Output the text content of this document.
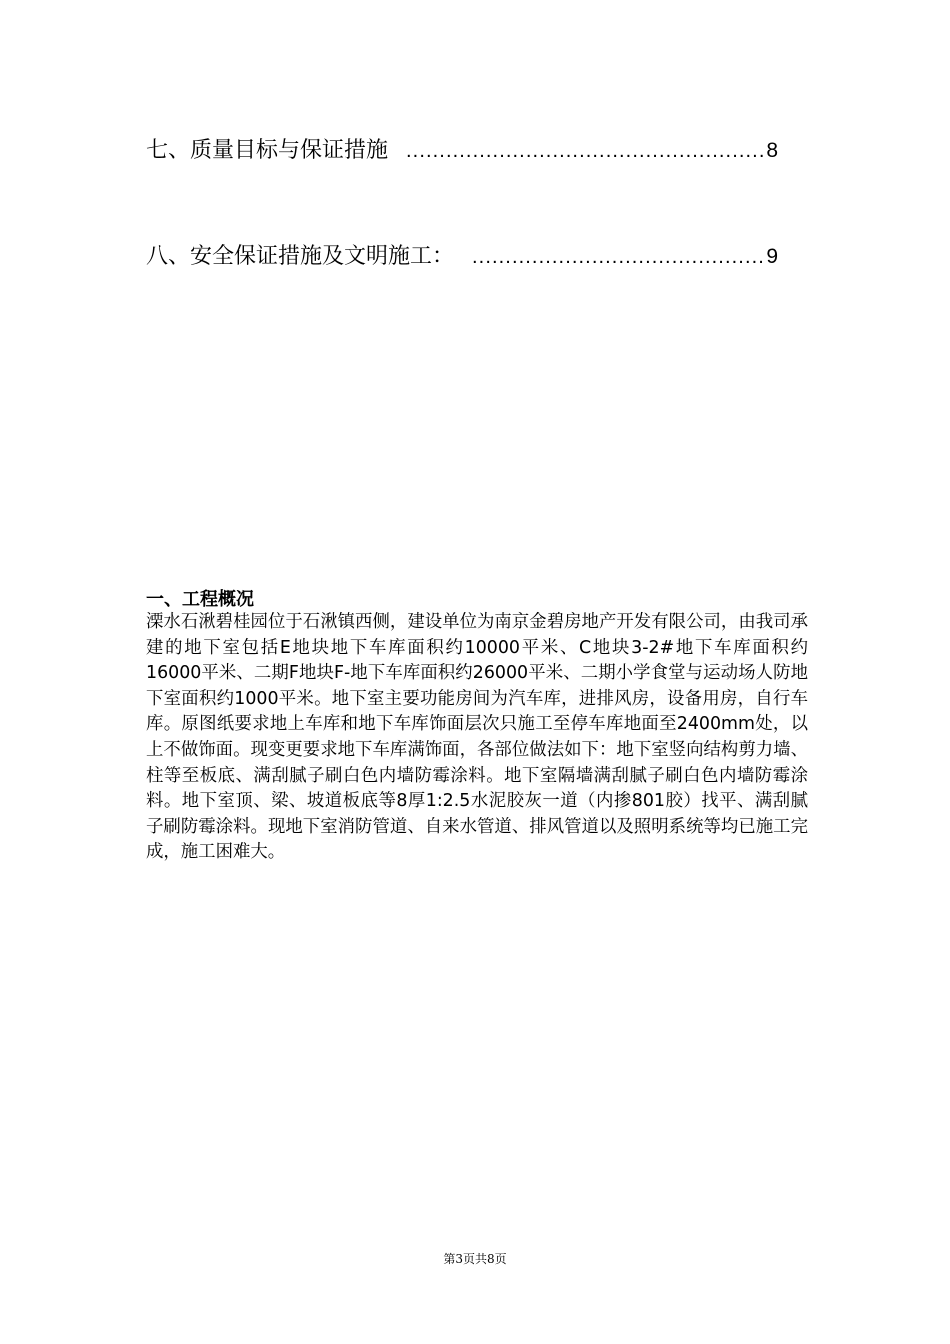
七、质量目标与保证措施 .....	8
八、安全保证措施及文明施工： .....	9
一、工程概况

溧水石湫碧桂园位于石湫镇西侧，建设单位为南京金碧房地产开发有限公司，由我司承建的地下室包括E地块地下车库面积约10000平米、C地块3-2#地下车库面积约16000平米、二期F地块F-地下车库面积约26000平米、二期小学食堂与运动场人防地下室面积约1000平米。地下室主要功能房间为汽车库，进排风房，设备用房，自行车库。原图纸要求地上车库和地下车库饰面层次只施工至停车库地面至2400mm处，以上不做饰面。现变更要求地下车库满饰面，各部位做法如下：地下室竖向结构剪力墙、柱等至板底、满刮腻子刷白色内墙防霉涂料。地下室隔墙满刮腻子刷白色内墙防霉涂料。地下室顶、梁、坡道板底等8厚1:2.5水泥胶灰一道（内掺801胶）找平、满刮腻子刷防霉涂料。现地下室消防管道、自来水管道、排风管道以及照明系统等均已施工完成，施工困难大。

第3页共8页
